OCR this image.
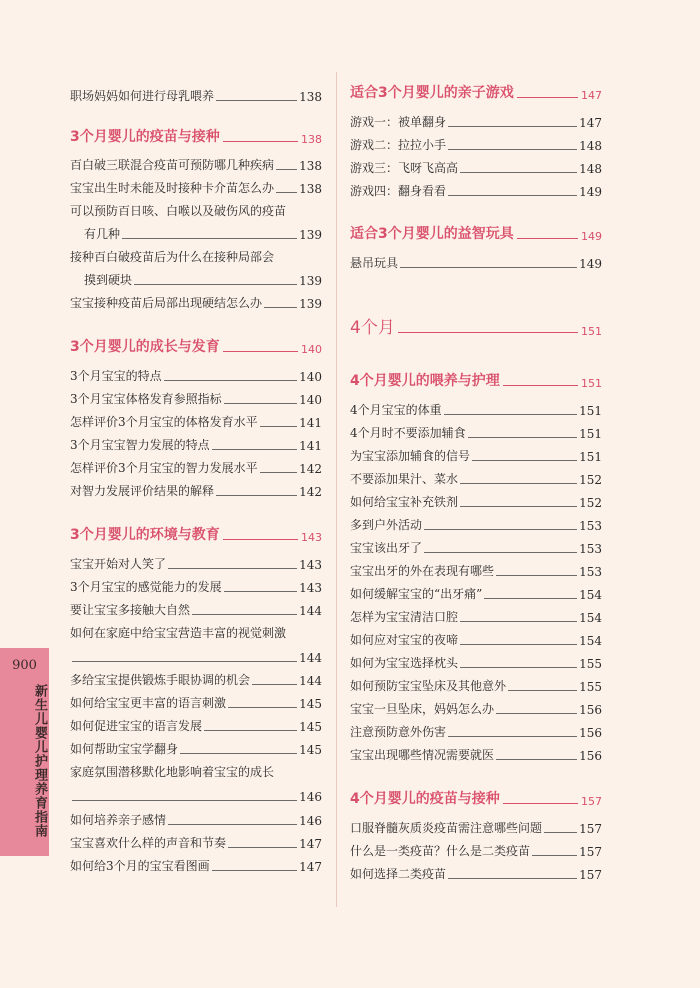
职场妈妈如何进行母乳喂养	138
3个月婴儿的疫苗与接种	138
百白破三联混合疫苗可预防哪几种疾病 138
宝宝出生时未能及时接种卡介苗怎么办 138
可以预防百日咳、白喉以及破伤风的疫苗
有几种	139
接种百白破疫苗后为什么在接种局部会
摸到硬块	139
宝宝接种疫苗后局部出现硬结怎么办	139
3个月婴儿的成长与发育	140
3个月宝宝的特点	140
3个月宝宝体格发育参照指标	140
怎样评价3个月宝宝的体格发育水平	141
3个月宝宝智力发展的特点	141
怎样评价3个月宝宝的智力发展水平	142
对智力发展评价结果的解释	142
3个月婴儿的环境与教育	143
宝宝开始对人笑了	143
3个月宝宝的感觉能力的发展	143
要让宝宝多接触大自然	144
如何在家庭中给宝宝营造丰富的视觉刺激
144
多给宝宝提供锻炼手眼协调的机会	144
如何给宝宝更丰富的语言刺激	145
如何促进宝宝的语言发展	145
如何帮助宝宝学翻身	145
家庭氛围潜移默化地影响着宝宝的成长
146
如何培养亲子感情	146
宝宝喜欢什么样的声音和节奏	147
如何给3个月的宝宝看图画	147
适合3个月婴儿的亲子游戏	147
游戏一：被单翻身	147
游戏二：拉拉小手	148
游戏三：飞呀飞高高	148
游戏四：翻身看看	149
适合3个月婴儿的益智玩具	149
悬吊玩具	149
4个月	151
4个月婴儿的喂养与护理	151
4个月宝宝的体重	151
4个月时不要添加辅食	151
为宝宝添加辅食的信号	151
不要添加果汁、菜水	152
如何给宝宝补充铁剂	152
多到户外活动	153
宝宝该出牙了	153
宝宝出牙的外在表现有哪些	153
如何缓解宝宝的“出牙痛”	154
怎样为宝宝清洁口腔	154
如何应对宝宝的夜啼	154
如何为宝宝选择枕头	155
如何预防宝宝坠床及其他意外	155
宝宝一旦坠床，妈妈怎么办	156
注意预防意外伤害	156
宝宝出现哪些情况需要就医	156
4个月婴儿的疫苗与接种	157
口服脊髓灰质炎疫苗需注意哪些问题	157
什么是一类疫苗？什么是二类疫苗	157
如何选择二类疫苗	157
900
新生儿婴儿护理养育指南
